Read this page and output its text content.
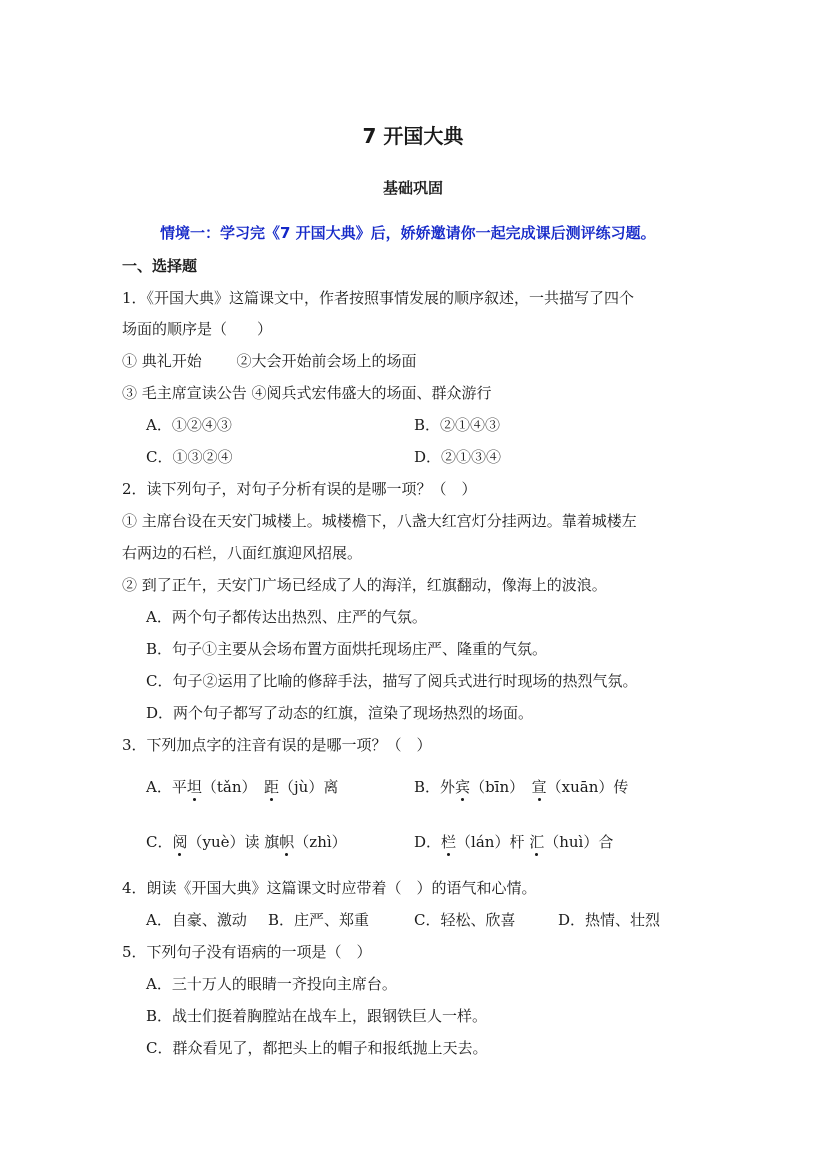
7 开国大典
基础巩固
情境一：学习完《7 开国大典》后，娇娇邀请你一起完成课后测评练习题。
一、选择题
1．《开国大典》这篇课文中，作者按照事情发展的顺序叙述，一共描写了四个
场面的顺序是（　　）
① 典礼开始　　 ②大会开始前会场上的场面
③ 毛主席宣读公告 ④阅兵式宏伟盛大的场面、群众游行
A．①②④③	B．②①④③
C．①③②④	D．②①③④
2．读下列句子，对句子分析有误的是哪一项？（　）
① 主席台设在天安门城楼上。城楼檐下，八盏大红宫灯分挂两边。靠着城楼左
右两边的石栏，八面红旗迎风招展。
② 到了正午，天安门广场已经成了人的海洋，红旗翻动，像海上的波浪。
A．两个句子都传达出热烈、庄严的气氛。
B．句子①主要从会场布置方面烘托现场庄严、隆重的气氛。
C．句子②运用了比喻的修辞手法，描写了阅兵式进行时现场的热烈气氛。
D．两个句子都写了动态的红旗，渲染了现场热烈的场面。
3．下列加点字的注音有误的是哪一项？（　）
A．平坦（tǎn）　距（jù）离	B．外宾（bīn）　宣（xuān）传
C．阅（yuè）读 旗帜（zhì）	D．栏（lán）杆 汇（huì）合
4．朗读《开国大典》这篇课文时应带着（　）的语气和心情。
A．自豪、激动 B．庄严、郑重	C．轻松、欣喜	D．热情、壮烈
5．下列句子没有语病的一项是（　）
A．三十万人的眼睛一齐投向主席台。
B．战士们挺着胸膛站在战车上，跟钢铁巨人一样。
C．群众看见了，都把头上的帽子和报纸抛上天去。
